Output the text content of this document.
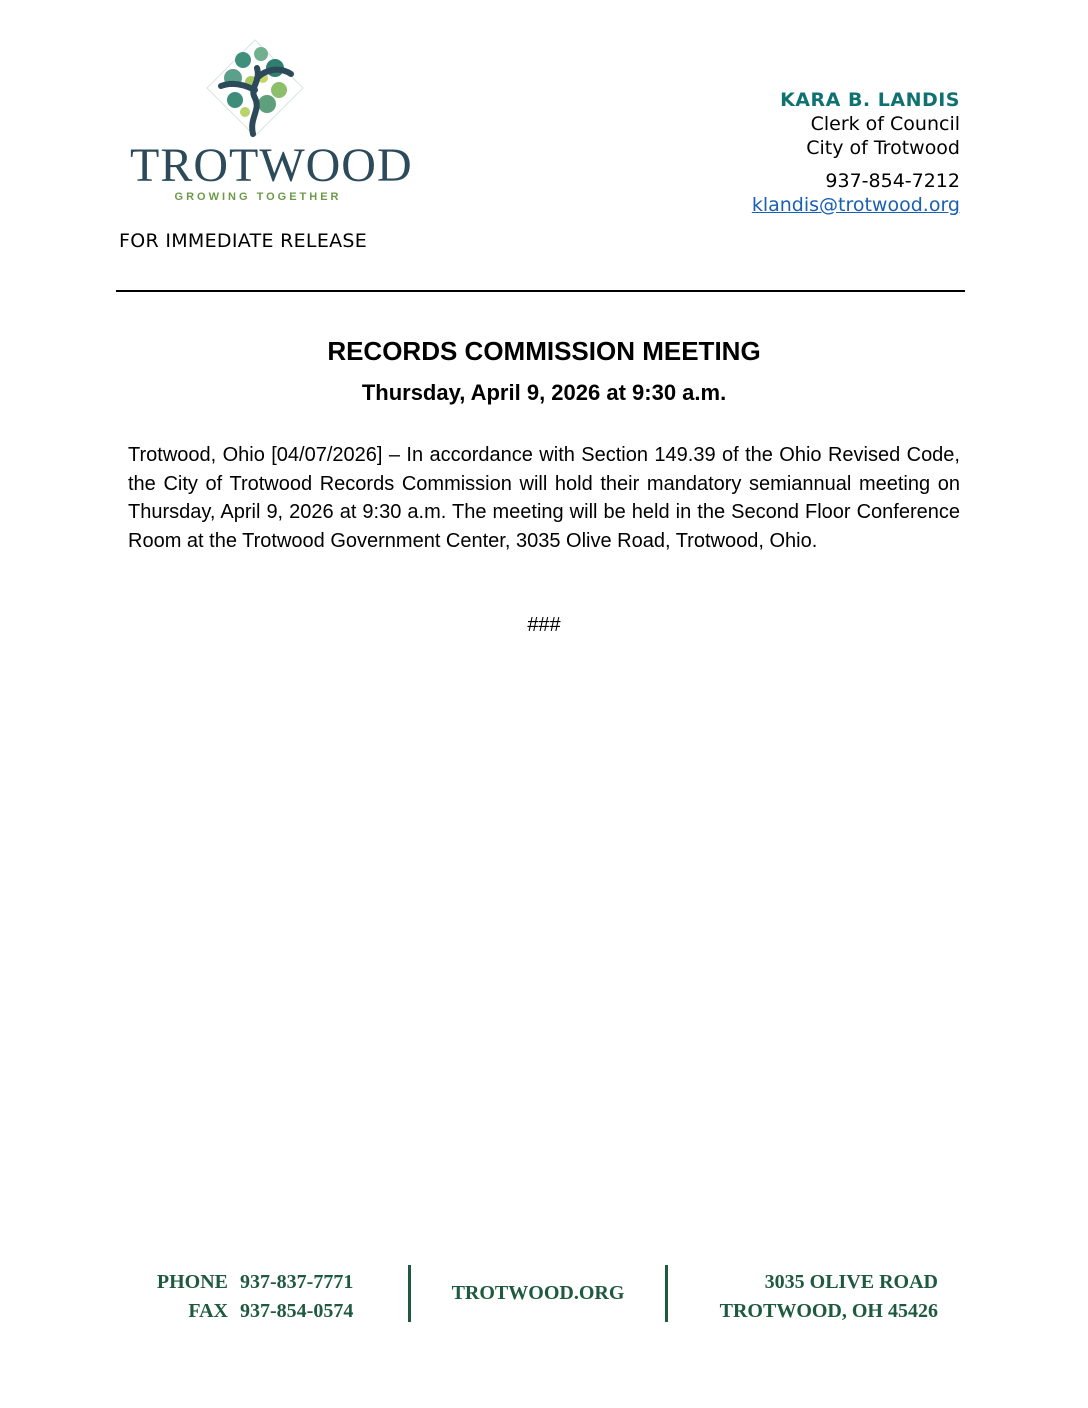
TROTWOOD
GROWING TOGETHER
KARA B. LANDIS
Clerk of Council
City of Trotwood
937-854-7212
klandis@trotwood.org
FOR IMMEDIATE RELEASE
RECORDS COMMISSION MEETING
Thursday, April 9, 2026 at 9:30 a.m.
Trotwood, Ohio [04/07/2026] – In accordance with Section 149.39 of the Ohio Revised Code, the City of Trotwood Records Commission will hold their mandatory semiannual meeting on Thursday, April 9, 2026 at 9:30 a.m. The meeting will be held in the Second Floor Conference Room at the Trotwood Government Center, 3035 Olive Road, Trotwood, Ohio.
###
PHONE 937-837-7771
FAX 937-854-0574
TROTWOOD.ORG	3035 OLIVE ROAD
TROTWOOD, OH 45426
